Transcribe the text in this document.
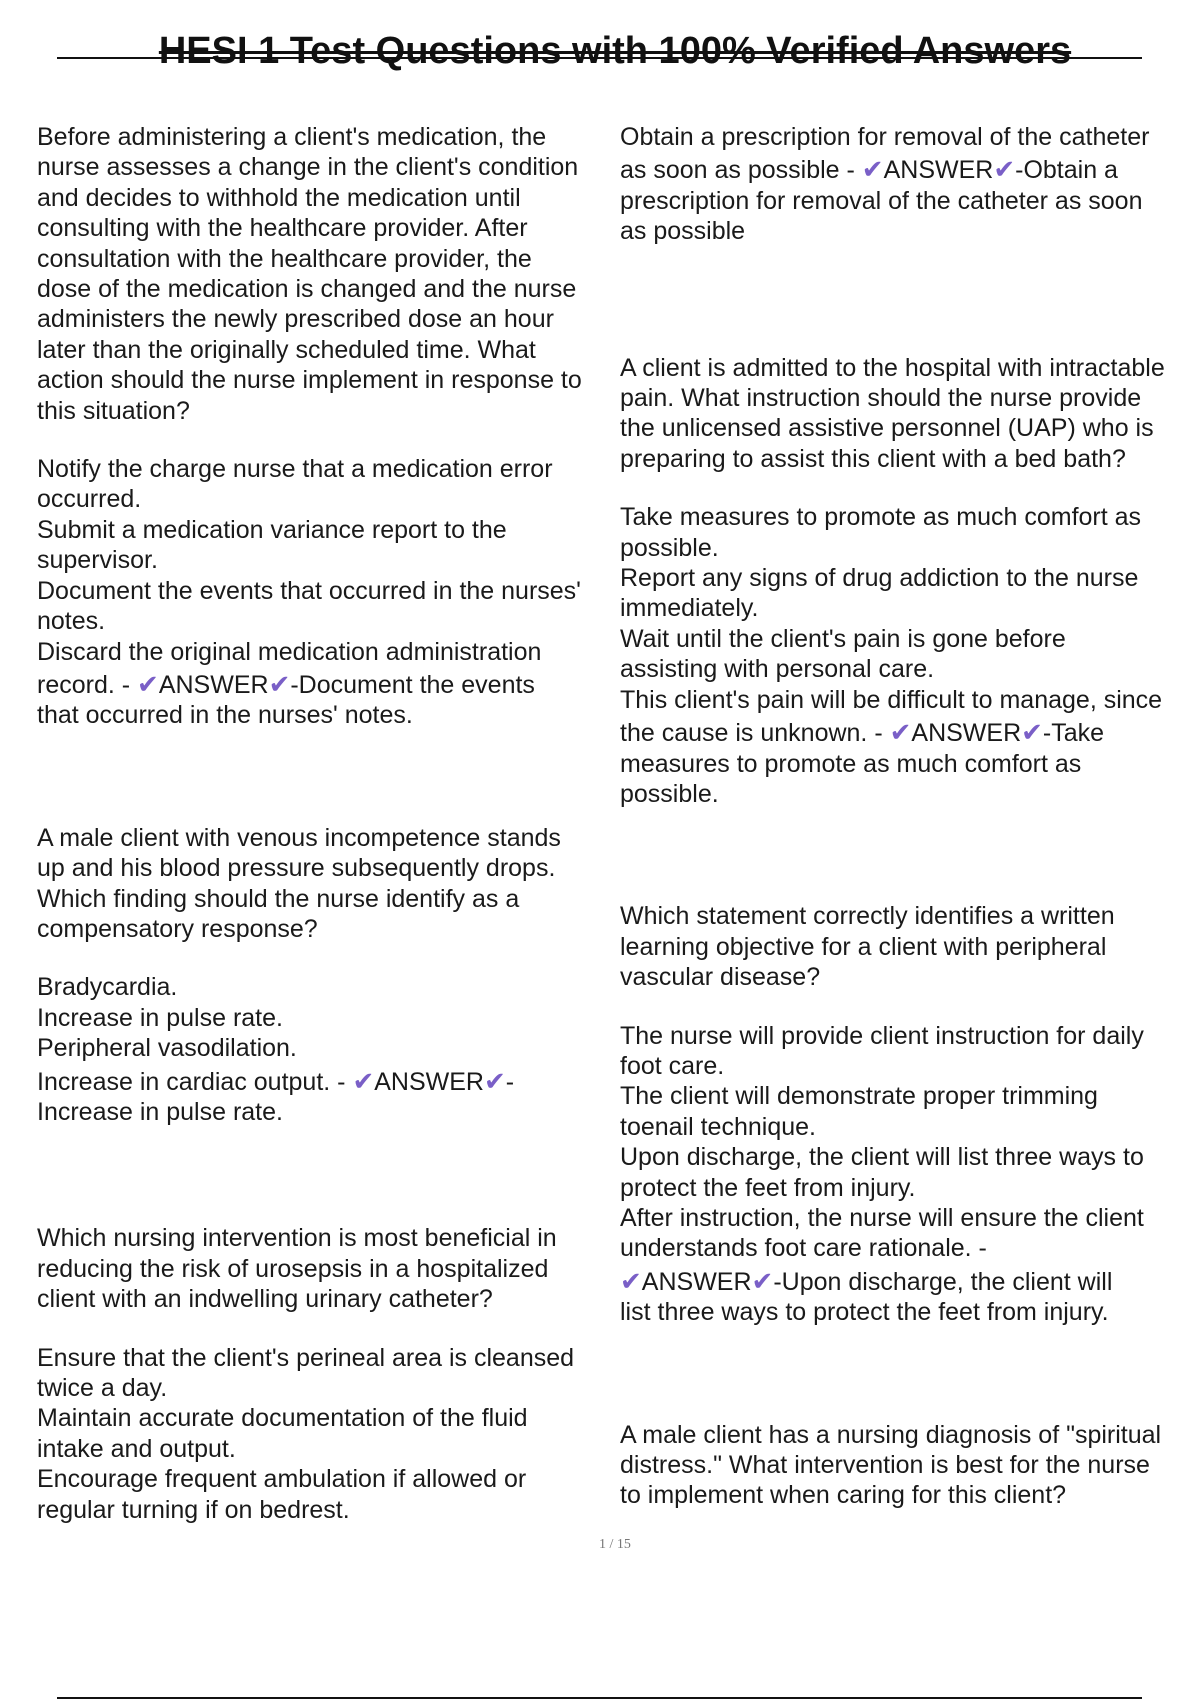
HESI 1 Test Questions with 100% Verified Answers
Before administering a client's medication, the
nurse assesses a change in the client's condition
and decides to withhold the medication until
consulting with the healthcare provider. After
consultation with the healthcare provider, the
dose of the medication is changed and the nurse
administers the newly prescribed dose an hour
later than the originally scheduled time. What
action should the nurse implement in response to
this situation?
Notify the charge nurse that a medication error
occurred.
Submit a medication variance report to the
supervisor.
Document the events that occurred in the nurses'
notes.
Discard the original medication administration
record. - ✔ANSWER✔-Document the events
that occurred in the nurses' notes.
A male client with venous incompetence stands
up and his blood pressure subsequently drops.
Which finding should the nurse identify as a
compensatory response?
Bradycardia.
Increase in pulse rate.
Peripheral vasodilation.
Increase in cardiac output. - ✔ANSWER✔-
Increase in pulse rate.
Which nursing intervention is most beneficial in
reducing the risk of urosepsis in a hospitalized
client with an indwelling urinary catheter?
Ensure that the client's perineal area is cleansed
twice a day.
Maintain accurate documentation of the fluid
intake and output.
Encourage frequent ambulation if allowed or
regular turning if on bedrest.
Obtain a prescription for removal of the catheter
as soon as possible - ✔ANSWER✔-Obtain a
prescription for removal of the catheter as soon
as possible
A client is admitted to the hospital with intractable
pain. What instruction should the nurse provide
the unlicensed assistive personnel (UAP) who is
preparing to assist this client with a bed bath?
Take measures to promote as much comfort as
possible.
Report any signs of drug addiction to the nurse
immediately.
Wait until the client's pain is gone before
assisting with personal care.
This client's pain will be difficult to manage, since
the cause is unknown. - ✔ANSWER✔-Take
measures to promote as much comfort as
possible.
Which statement correctly identifies a written
learning objective for a client with peripheral
vascular disease?
The nurse will provide client instruction for daily
foot care.
The client will demonstrate proper trimming
toenail technique.
Upon discharge, the client will list three ways to
protect the feet from injury.
After instruction, the nurse will ensure the client
understands foot care rationale. -
✔ANSWER✔-Upon discharge, the client will
list three ways to protect the feet from injury.
A male client has a nursing diagnosis of "spiritual
distress." What intervention is best for the nurse
to implement when caring for this client?
1 / 15
